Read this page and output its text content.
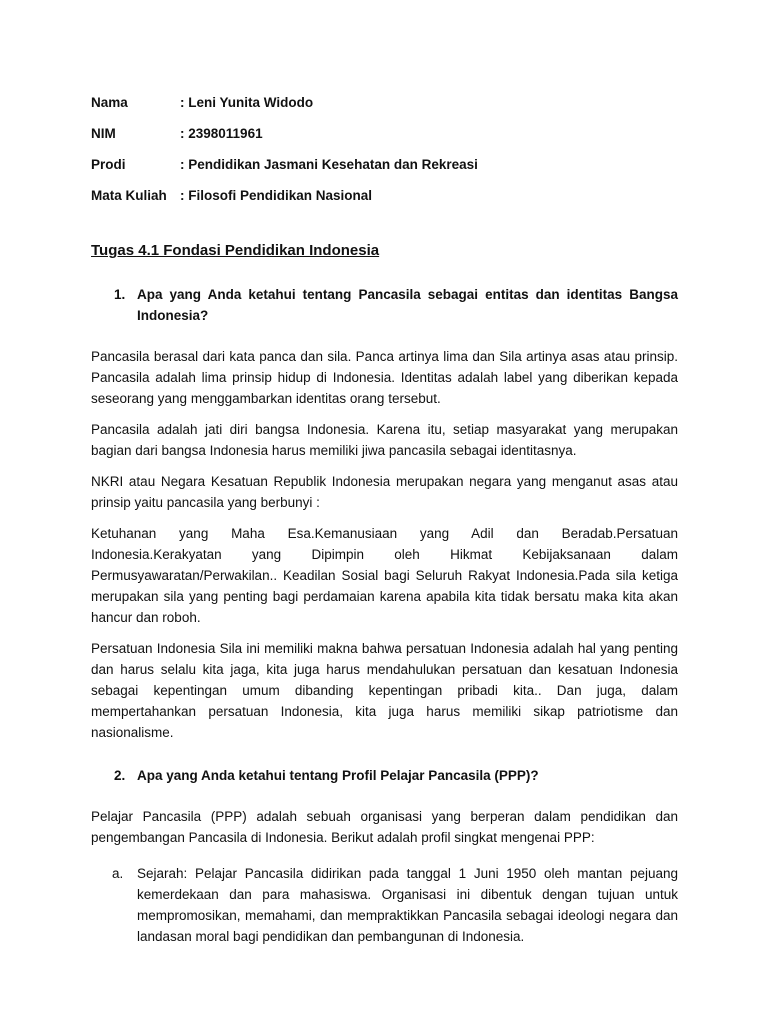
Nama	: Leni Yunita Widodo
NIM	: 2398011961
Prodi	: Pendidikan Jasmani Kesehatan dan Rekreasi
Mata Kuliah	: Filosofi Pendidikan Nasional
Tugas 4.1 Fondasi Pendidikan Indonesia
1. Apa yang Anda ketahui tentang Pancasila sebagai entitas dan identitas Bangsa Indonesia?

Pancasila berasal dari kata panca dan sila. Panca artinya lima dan Sila artinya asas atau prinsip. Pancasila adalah lima prinsip hidup di Indonesia. Identitas adalah label yang diberikan kepada seseorang yang menggambarkan identitas orang tersebut.

Pancasila adalah jati diri bangsa Indonesia. Karena itu, setiap masyarakat yang merupakan bagian dari bangsa Indonesia harus memiliki jiwa pancasila sebagai identitasnya.

NKRI atau Negara Kesatuan Republik Indonesia merupakan negara yang menganut asas atau prinsip yaitu pancasila yang berbunyi :

Ketuhanan yang Maha Esa.Kemanusiaan yang Adil dan Beradab.Persatuan Indonesia.Kerakyatan yang Dipimpin oleh Hikmat Kebijaksanaan dalam Permusyawaratan/Perwakilan.. Keadilan Sosial bagi Seluruh Rakyat Indonesia.Pada sila ketiga merupakan sila yang penting bagi perdamaian karena apabila kita tidak bersatu maka kita akan hancur dan roboh.

Persatuan Indonesia Sila ini memiliki makna bahwa persatuan Indonesia adalah hal yang penting dan harus selalu kita jaga, kita juga harus mendahulukan persatuan dan kesatuan Indonesia sebagai kepentingan umum dibanding kepentingan pribadi kita.. Dan juga, dalam mempertahankan persatuan Indonesia, kita juga harus memiliki sikap patriotisme dan nasionalisme.

2. Apa yang Anda ketahui tentang Profil Pelajar Pancasila (PPP)?

Pelajar Pancasila (PPP) adalah sebuah organisasi yang berperan dalam pendidikan dan pengembangan Pancasila di Indonesia. Berikut adalah profil singkat mengenai PPP:

a.	Sejarah: Pelajar Pancasila didirikan pada tanggal 1 Juni 1950 oleh mantan pejuang kemerdekaan dan para mahasiswa. Organisasi ini dibentuk dengan tujuan untuk mempromosikan, memahami, dan mempraktikkan Pancasila sebagai ideologi negara dan landasan moral bagi pendidikan dan pembangunan di Indonesia.
